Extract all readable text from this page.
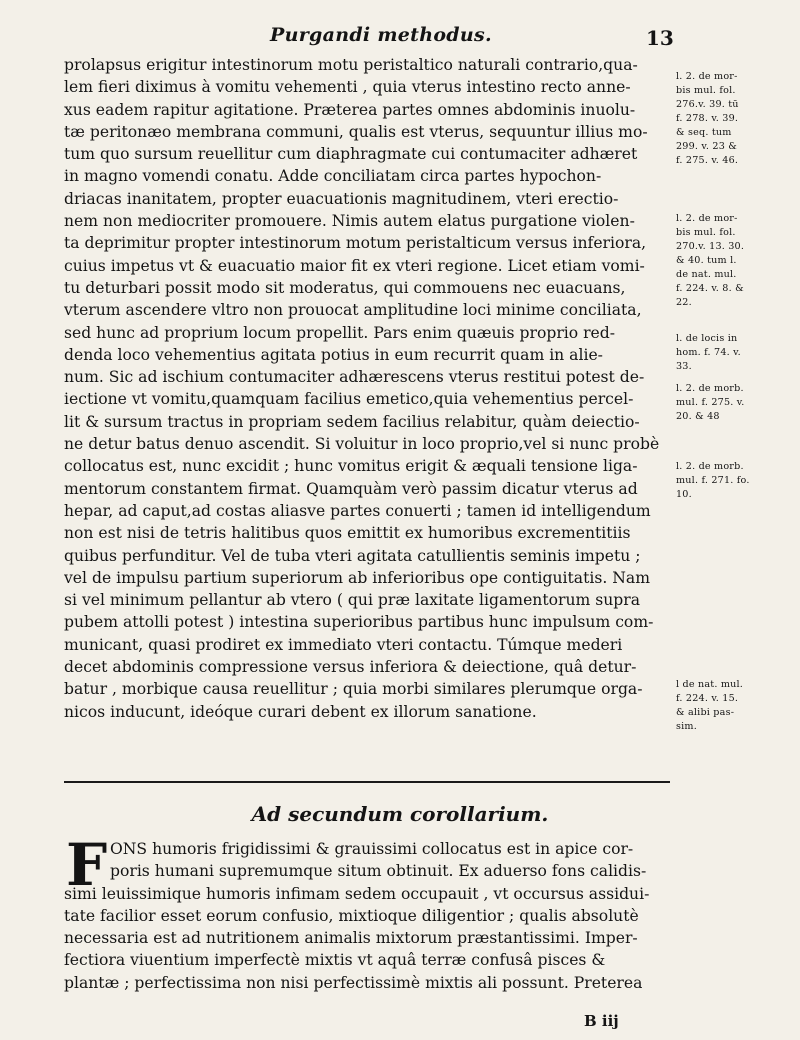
Purgandi methodus.	13
prolapsus erigitur intestinorum motu peristaltico naturali contrario,qua-
lem fieri diximus à vomitu vehementi , quia vterus intestino recto anne-
xus eadem rapitur agitatione. Præterea partes omnes abdominis inuolu-
tæ peritonæo membrana communi, qualis est vterus, sequuntur illius mo-
tum quo sursum reuellitur cum diaphragmate cui contumaciter adhæret
in magno vomendi conatu. Adde conciliatam circa partes hypochon-
driacas inanitatem, propter euacuationis magnitudinem, vteri erectio-
nem non mediocriter promouere. Nimis autem elatus purgatione violen-
ta deprimitur propter intestinorum motum peristalticum versus inferiora,
cuius impetus vt & euacuatio maior fit ex vteri regione. Licet etiam vomi-
tu deturbari possit modo sit moderatus, qui commouens nec euacuans,
vterum ascendere vltro non prouocat amplitudine loci minime conciliata,
sed hunc ad proprium locum propellit. Pars enim quæuis proprio red-
denda loco vehementius agitata potius in eum recurrit quam in alie-
num. Sic ad ischium contumaciter adhærescens vterus restitui potest de-
iectione vt vomitu,quamquam facilius emetico,quia vehementius percel-
lit & sursum tractus in propriam sedem facilius relabitur, quàm deiectio-
ne detur batus denuo ascendit. Si voluitur in loco proprio,vel si nunc probè
collocatus est, nunc excidit ; hunc vomitus erigit & æquali tensione liga-
mentorum constantem firmat. Quamquàm verò passim dicatur vterus ad
hepar, ad caput,ad costas aliasve partes conuerti ; tamen id intelligendum
non est nisi de tetris halitibus quos emittit ex humoribus excrementitiis
quibus perfunditur. Vel de tuba vteri agitata catullientis seminis impetu ;
vel de impulsu partium superiorum ab inferioribus ope contiguitatis. Nam
si vel minimum pellantur ab vtero ( qui præ laxitate ligamentorum supra
pubem attolli potest ) intestina superioribus partibus hunc impulsum com-
municant, quasi prodiret ex immediato vteri contactu. Túmque mederi
decet abdominis compressione versus inferiora & deiectione, quâ detur-
batur , morbique causa reuellitur ; quia morbi similares plerumque orga-
nicos inducunt, ideóque curari debent ex illorum sanatione.
l. 2. de mor-
bis mul. fol.
276.v. 39. tū
f. 278. v. 39.
& seq. tum
299. v. 23 &
f. 275. v. 46.
l. 2. de mor-
bis mul. fol.
270.v. 13. 30.
& 40. tum l.
de nat. mul.
f. 224. v. 8. &
22.
l. de locis in
hom. f. 74. v.
33.
l. 2. de morb.
mul. f. 275. v.
20. & 48
l. 2. de morb.
mul. f. 271. fo.
10.
l de nat. mul.
f. 224. v. 15.
& alibi pas-
sim.
Ad secundum corollarium.
F ONS humoris frigidissimi & grauissimi collocatus est in apice cor-
poris humani supremumque situm obtinuit. Ex aduerso fons calidis-
simi leuissimique humoris infimam sedem occupauit , vt occursus assidui-
tate facilior esset eorum confusio, mixtioque diligentior ; qualis absolutè
necessaria est ad nutritionem animalis mixtorum præstantissimi. Imper-
fectiora viuentium imperfectè mixtis vt aquâ terræ confusâ pisces &
plantæ ; perfectissima non nisi perfectissimè mixtis ali possunt. Preterea
B iij
